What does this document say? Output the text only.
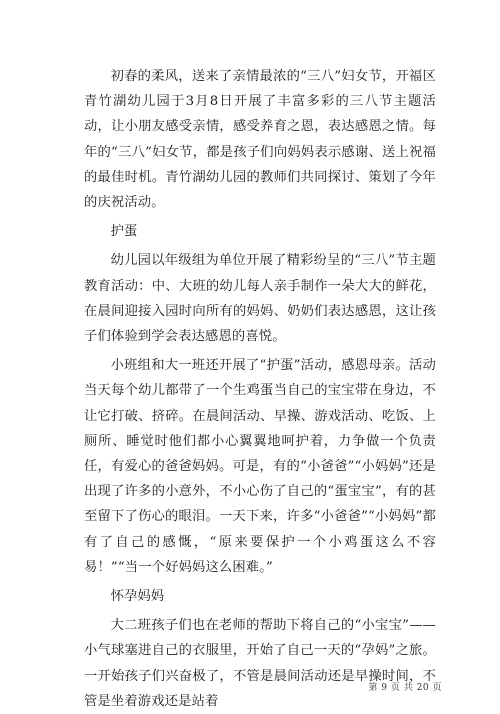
初春的柔风，送来了亲情最浓的“三八”妇女节，开福区青竹湖幼儿园于3月8日开展了丰富多彩的三八节主题活动，让小朋友感受亲情，感受养育之恩，表达感恩之情。每年的“三八”妇女节，都是孩子们向妈妈表示感谢、送上祝福的最佳时机。青竹湖幼儿园的教师们共同探讨、策划了今年的庆祝活动。

护蛋

幼儿园以年级组为单位开展了精彩纷呈的“三八”节主题教育活动：中、大班的幼儿每人亲手制作一朵大大的鲜花，在晨间迎接入园时向所有的妈妈、奶奶们表达感恩，这让孩子们体验到学会表达感恩的喜悦。

小班组和大一班还开展了“护蛋”活动，感恩母亲。活动当天每个幼儿都带了一个生鸡蛋当自己的宝宝带在身边，不让它打破、挤碎。在晨间活动、早操、游戏活动、吃饭、上厕所、睡觉时他们都小心翼翼地呵护着，力争做一个负责任，有爱心的爸爸妈妈。可是，有的“小爸爸”“小妈妈”还是出现了许多的小意外，不小心伤了自己的“蛋宝宝”，有的甚至留下了伤心的眼泪。一天下来，许多“小爸爸”“小妈妈”都有了自己的感慨，“原来要保护一个小鸡蛋这么不容易！”“当一个好妈妈这么困难。”

怀孕妈妈

大二班孩子们也在老师的帮助下将自己的“小宝宝”——小气球塞进自己的衣服里，开始了自己一天的“孕妈”之旅。一开始孩子们兴奋极了，不管是晨间活动还是早操时间，不管是坐着游戏还是站着

第 9 页 共 20 页
